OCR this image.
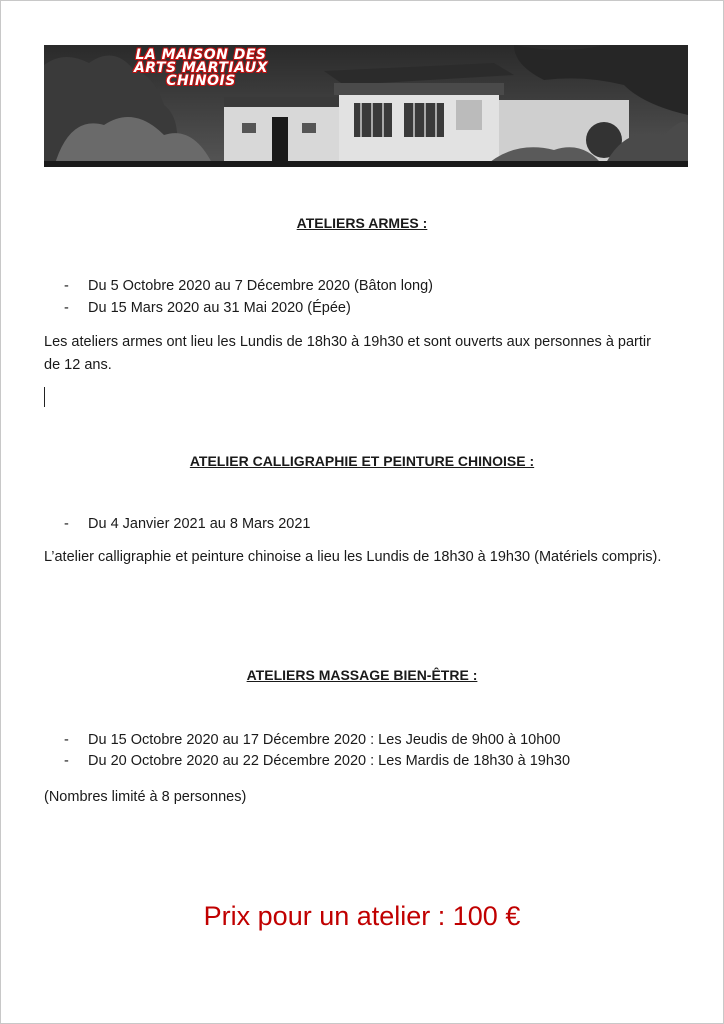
LA MAISON DES
ARTS MARTIAUX
CHINOIS
ATELIERS ARMES :
- Du 5 Octobre 2020 au 7 Décembre 2020 (Bâton long)
- Du 15 Mars 2020 au 31 Mai 2020 (Épée)
Les ateliers armes ont lieu les Lundis de 18h30 à 19h30 et sont ouverts aux personnes à partir de 12 ans.
ATELIER CALLIGRAPHIE ET PEINTURE CHINOISE :
- Du 4 Janvier 2021 au 8 Mars 2021
L’atelier calligraphie et peinture chinoise a lieu les Lundis de 18h30 à 19h30 (Matériels compris).
ATELIERS MASSAGE BIEN-ÊTRE :
- Du 15 Octobre 2020 au 17 Décembre 2020 : Les Jeudis de 9h00 à 10h00
- Du 20 Octobre 2020 au 22 Décembre 2020 : Les Mardis de 18h30 à 19h30
(Nombres limité à 8 personnes)
Prix pour un atelier : 100 €
